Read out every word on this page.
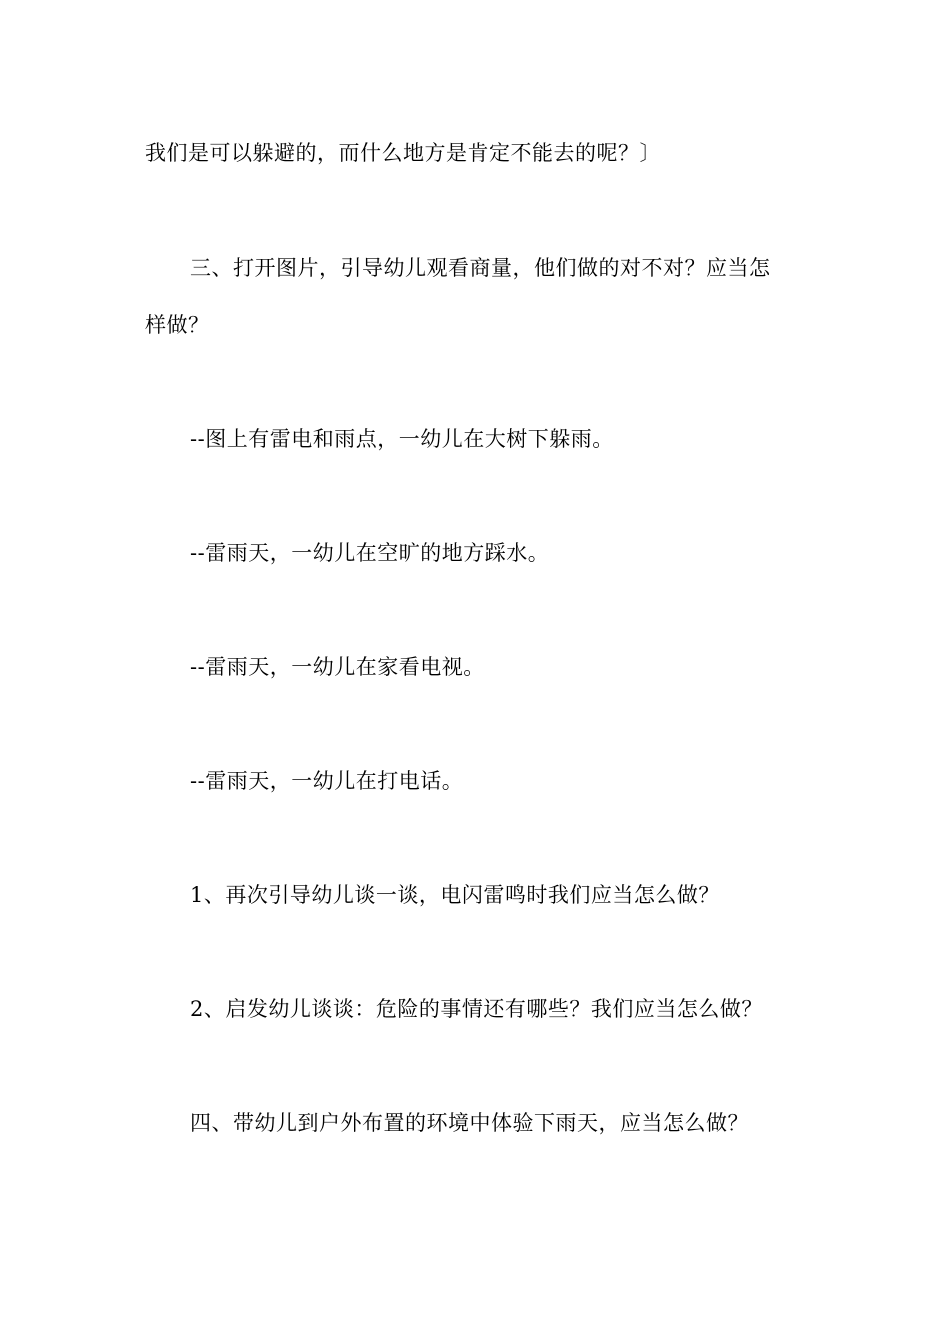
我们是可以躲避的，而什么地方是肯定不能去的呢？〕

三、打开图片，引导幼儿观看商量，他们做的对不对？应当怎

样做？

--图上有雷电和雨点，一幼儿在大树下躲雨。

--雷雨天，一幼儿在空旷的地方踩水。

--雷雨天，一幼儿在家看电视。

--雷雨天，一幼儿在打电话。

1、再次引导幼儿谈一谈，电闪雷鸣时我们应当怎么做？

2、启发幼儿谈谈：危险的事情还有哪些？我们应当怎么做？

四、带幼儿到户外布置的环境中体验下雨天，应当怎么做？
